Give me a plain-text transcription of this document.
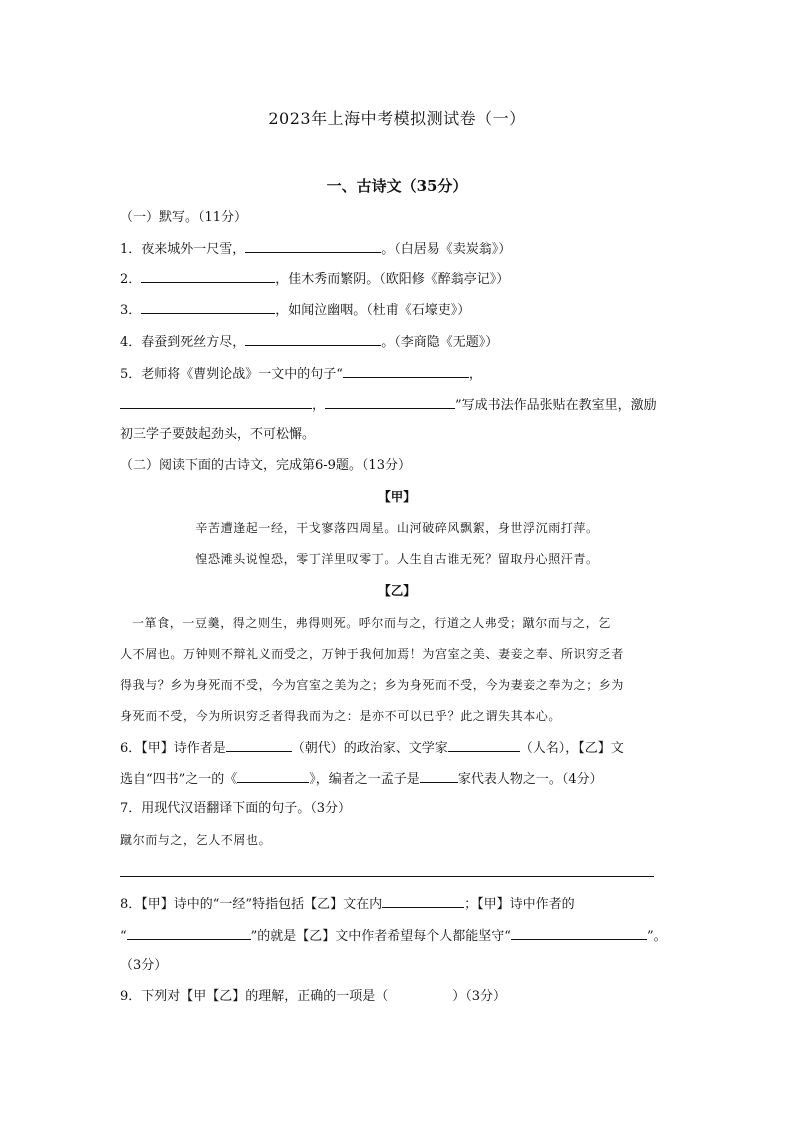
2023年上海中考模拟测试卷（一）
一、古诗文（35分）
（一）默写。（11分）
1．夜来城外一尺雪，	。（白居易《卖炭翁》）
2．	，佳木秀而繁阴。（欧阳修《醉翁亭记》）
3．	，如闻泣幽咽。（杜甫《石壕吏》）
4．春蚕到死丝方尽，	。（李商隐《无题》）
5．老师将《曹刿论战》一文中的句子“	，
，	”写成书法作品张贴在教室里，激励
初三学子要鼓起劲头，不可松懈。
（二）阅读下面的古诗文，完成第6-9题。（13分）
【甲】
辛苦遭逢起一经，干戈寥落四周星。山河破碎风飘絮，身世浮沉雨打萍。
惶恐滩头说惶恐，零丁洋里叹零丁。人生自古谁无死？留取丹心照汗青。
【乙】
一箪食，一豆羹，得之则生，弗得则死。呼尔而与之，行道之人弗受；蹴尔而与之，乞
人不屑也。万钟则不辩礼义而受之，万钟于我何加焉！为宫室之美、妻妾之奉、所识穷乏者
得我与？乡为身死而不受，今为宫室之美为之；乡为身死而不受，今为妻妾之奉为之；乡为
身死而不受，今为所识穷乏者得我而为之：是亦不可以已乎？此之谓失其本心。
6．【甲】诗作者是	（朝代）的政治家、文学家	（人名），【乙】文
选自“四书”之一的《	》，编者之一孟子是	家代表人物之一。（4分）
7．用现代汉语翻译下面的句子。（3分）
蹴尔而与之，乞人不屑也。
8．【甲】诗中的“一经”特指包括【乙】文在内	；【甲】诗中作者的
“	”的就是【乙】文中作者希望每个人都能坚守“	”。
（3分）
9．下列对【甲【乙】的理解，正确的一项是（	）（3分）
